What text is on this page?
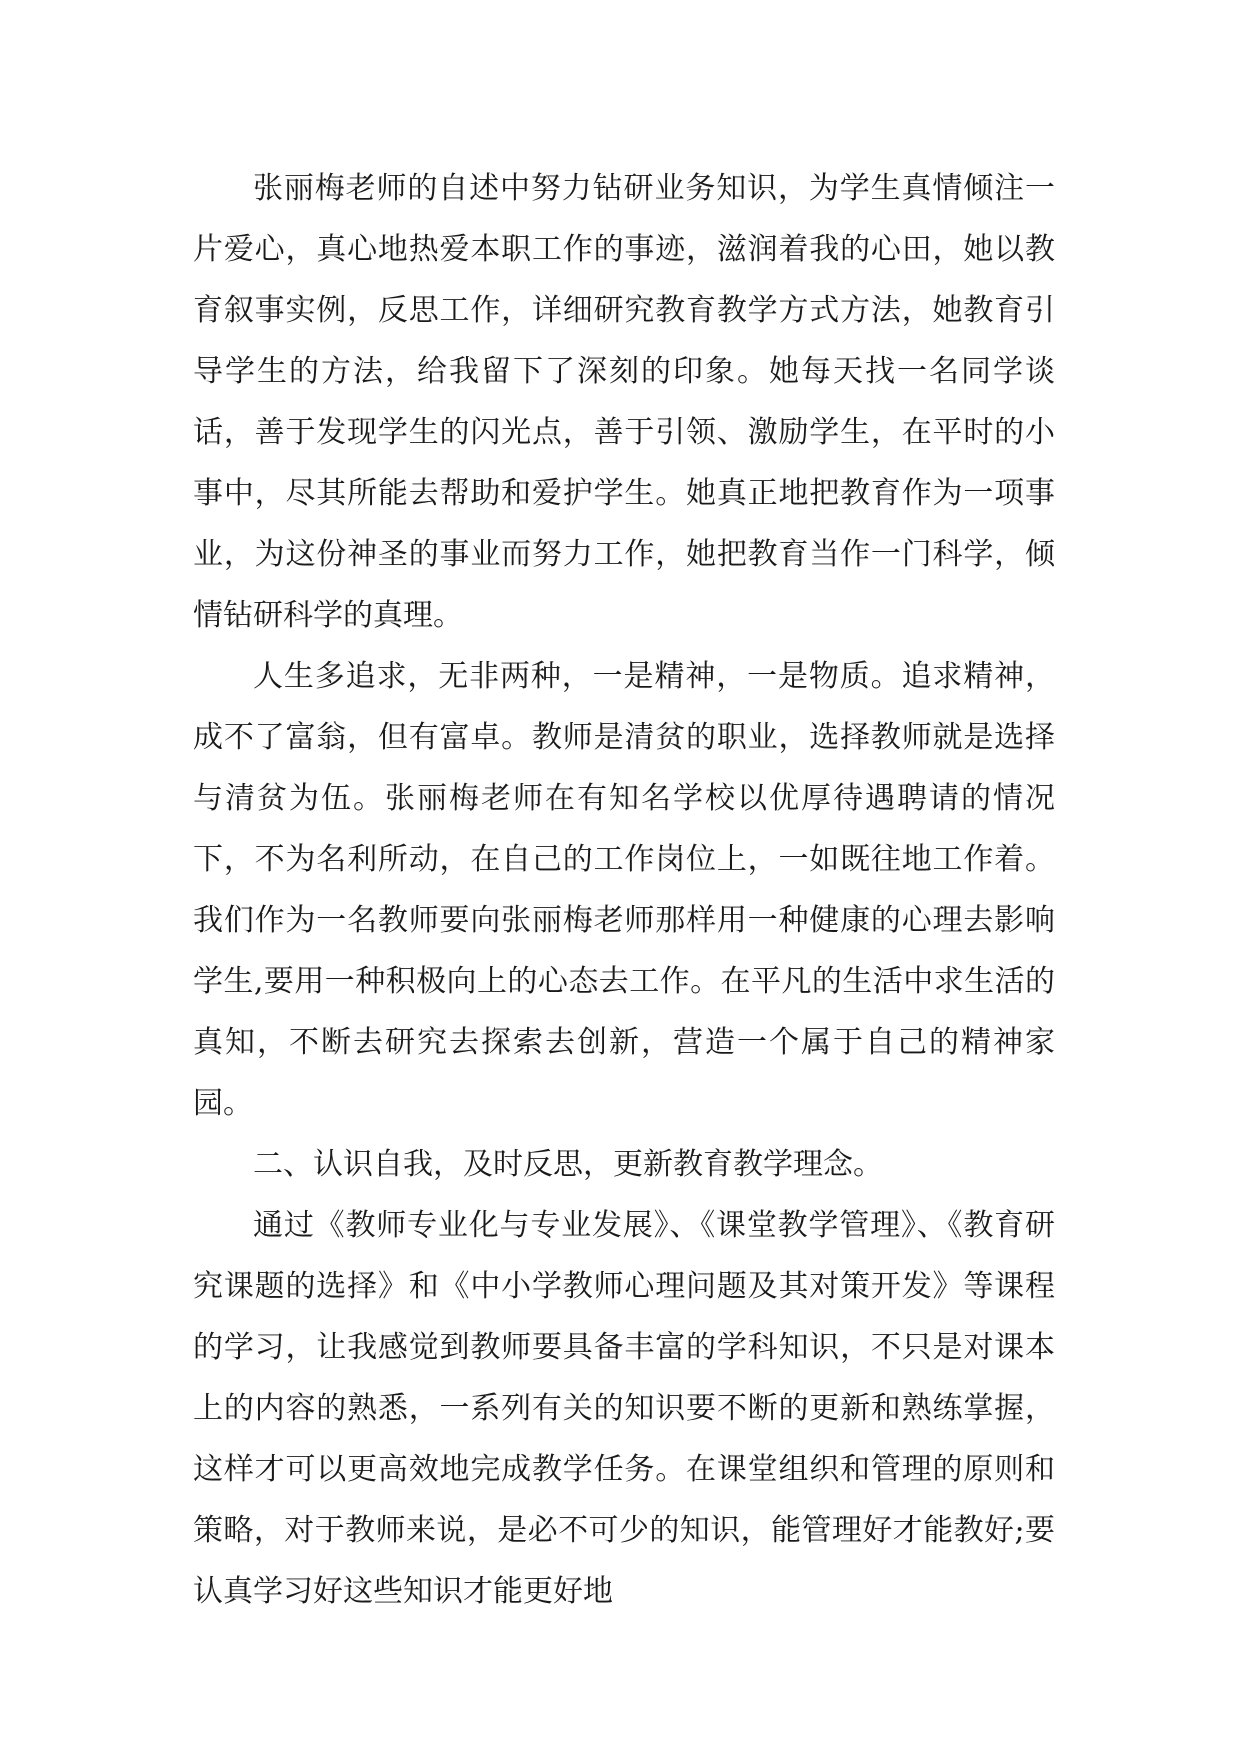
张丽梅老师的自述中努力钻研业务知识，为学生真情倾注一片爱心，真心地热爱本职工作的事迹，滋润着我的心田，她以教育叙事实例，反思工作，详细研究教育教学方式方法，她教育引导学生的方法，给我留下了深刻的印象。她每天找一名同学谈话，善于发现学生的闪光点，善于引领、激励学生，在平时的小事中，尽其所能去帮助和爱护学生。她真正地把教育作为一项事业，为这份神圣的事业而努力工作，她把教育当作一门科学，倾情钻研科学的真理。

人生多追求，无非两种，一是精神，一是物质。追求精神，成不了富翁，但有富卓。教师是清贫的职业，选择教师就是选择与清贫为伍。张丽梅老师在有知名学校以优厚待遇聘请的情况下，不为名利所动，在自己的工作岗位上，一如既往地工作着。我们作为一名教师要向张丽梅老师那样用一种健康的心理去影响学生,要用一种积极向上的心态去工作。在平凡的生活中求生活的真知，不断去研究去探索去创新，营造一个属于自己的精神家园。

二、认识自我，及时反思，更新教育教学理念。

通过《教师专业化与专业发展》、《课堂教学管理》、《教育研究课题的选择》和《中小学教师心理问题及其对策开发》等课程的学习，让我感觉到教师要具备丰富的学科知识，不只是对课本上的内容的熟悉，一系列有关的知识要不断的更新和熟练掌握，这样才可以更高效地完成教学任务。在课堂组织和管理的原则和策略，对于教师来说，是必不可少的知识，能管理好才能教好;要认真学习好这些知识才能更好地
